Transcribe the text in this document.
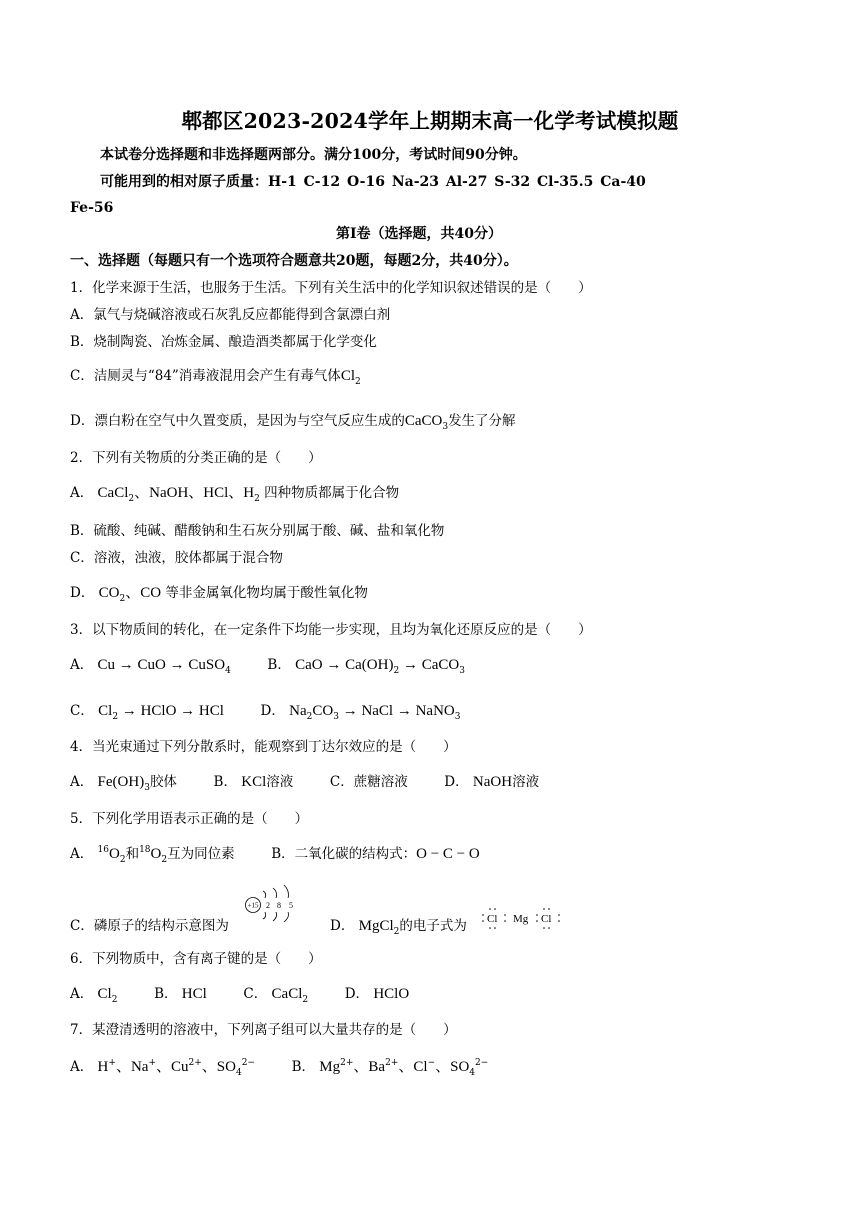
郫都区2023-2024学年上期期末高一化学考试模拟题
本试卷分选择题和非选择题两部分。满分100分，考试时间90分钟。
可能用到的相对原子质量：H-1 C-12 O-16 Na-23 Al-27 S-32 Cl-35.5 Ca-40
Fe-56
第Ⅰ卷（选择题，共40分）
一、选择题（每题只有一个选项符合题意共20题，每题2分，共40分）。
1．化学来源于生活，也服务于生活。下列有关生活中的化学知识叙述错误的是（　　）
A．氯气与烧碱溶液或石灰乳反应都能得到含氯漂白剂
B．烧制陶瓷、冶炼金属、酿造酒类都属于化学变化
C．洁厕灵与“84”消毒液混用会产生有毒气体$Cl_2$
D．漂白粉在空气中久置变质，是因为与空气反应生成的CaCO$_3$发生了分解
2．下列有关物质的分类正确的是（　　）
A． CaCl$_2$、NaOH、HCl、$H_2$ 四种物质都属于化合物
B．硫酸、纯碱、醋酸钠和生石灰分别属于酸、碱、盐和氧化物
C．溶液，浊液，胶体都属于混合物
D． $CO_2$、CO 等非金属氧化物均属于酸性氧化物
3．以下物质间的转化，在一定条件下均能一步实现，且均为氧化还原反应的是（　　）
A． Cu → CuO → CuSO$_4$	B． CaO → $Ca(OH)_2$ → CaCO$_3$
C． $Cl_2$ → HClO → HCl	D． $Na_2CO_3$ → NaCl → NaNO$_3$
4．当光束通过下列分散系时，能观察到丁达尔效应的是（　　）
A． $Fe(OH)_3$胶体	B． KCl溶液	C．蔗糖溶液	D． NaOH溶液
5．下列化学用语表示正确的是（　　）
A． $^{16}O_2$和$^{18}O_2$互为同位素	B．二氧化碳的结构式：O − C − O
+15 2 8 5
C．磷原子的结构示意图为	D． MgCl$_2$的电子式为 Cl Mg Cl
6．下列物质中，含有离子键的是（　　）
A． $Cl_2$	B． HCl	C． CaCl$_2$	D． HClO
7．某澄清透明的溶液中，下列离子组可以大量共存的是（　　）
A． H+、Na+、$Cu^{2+}$、$SO_4^{2-}$	B． $Mg^{2+}$、$Ba^{2+}$、Cl−、$SO_4^{2-}$
